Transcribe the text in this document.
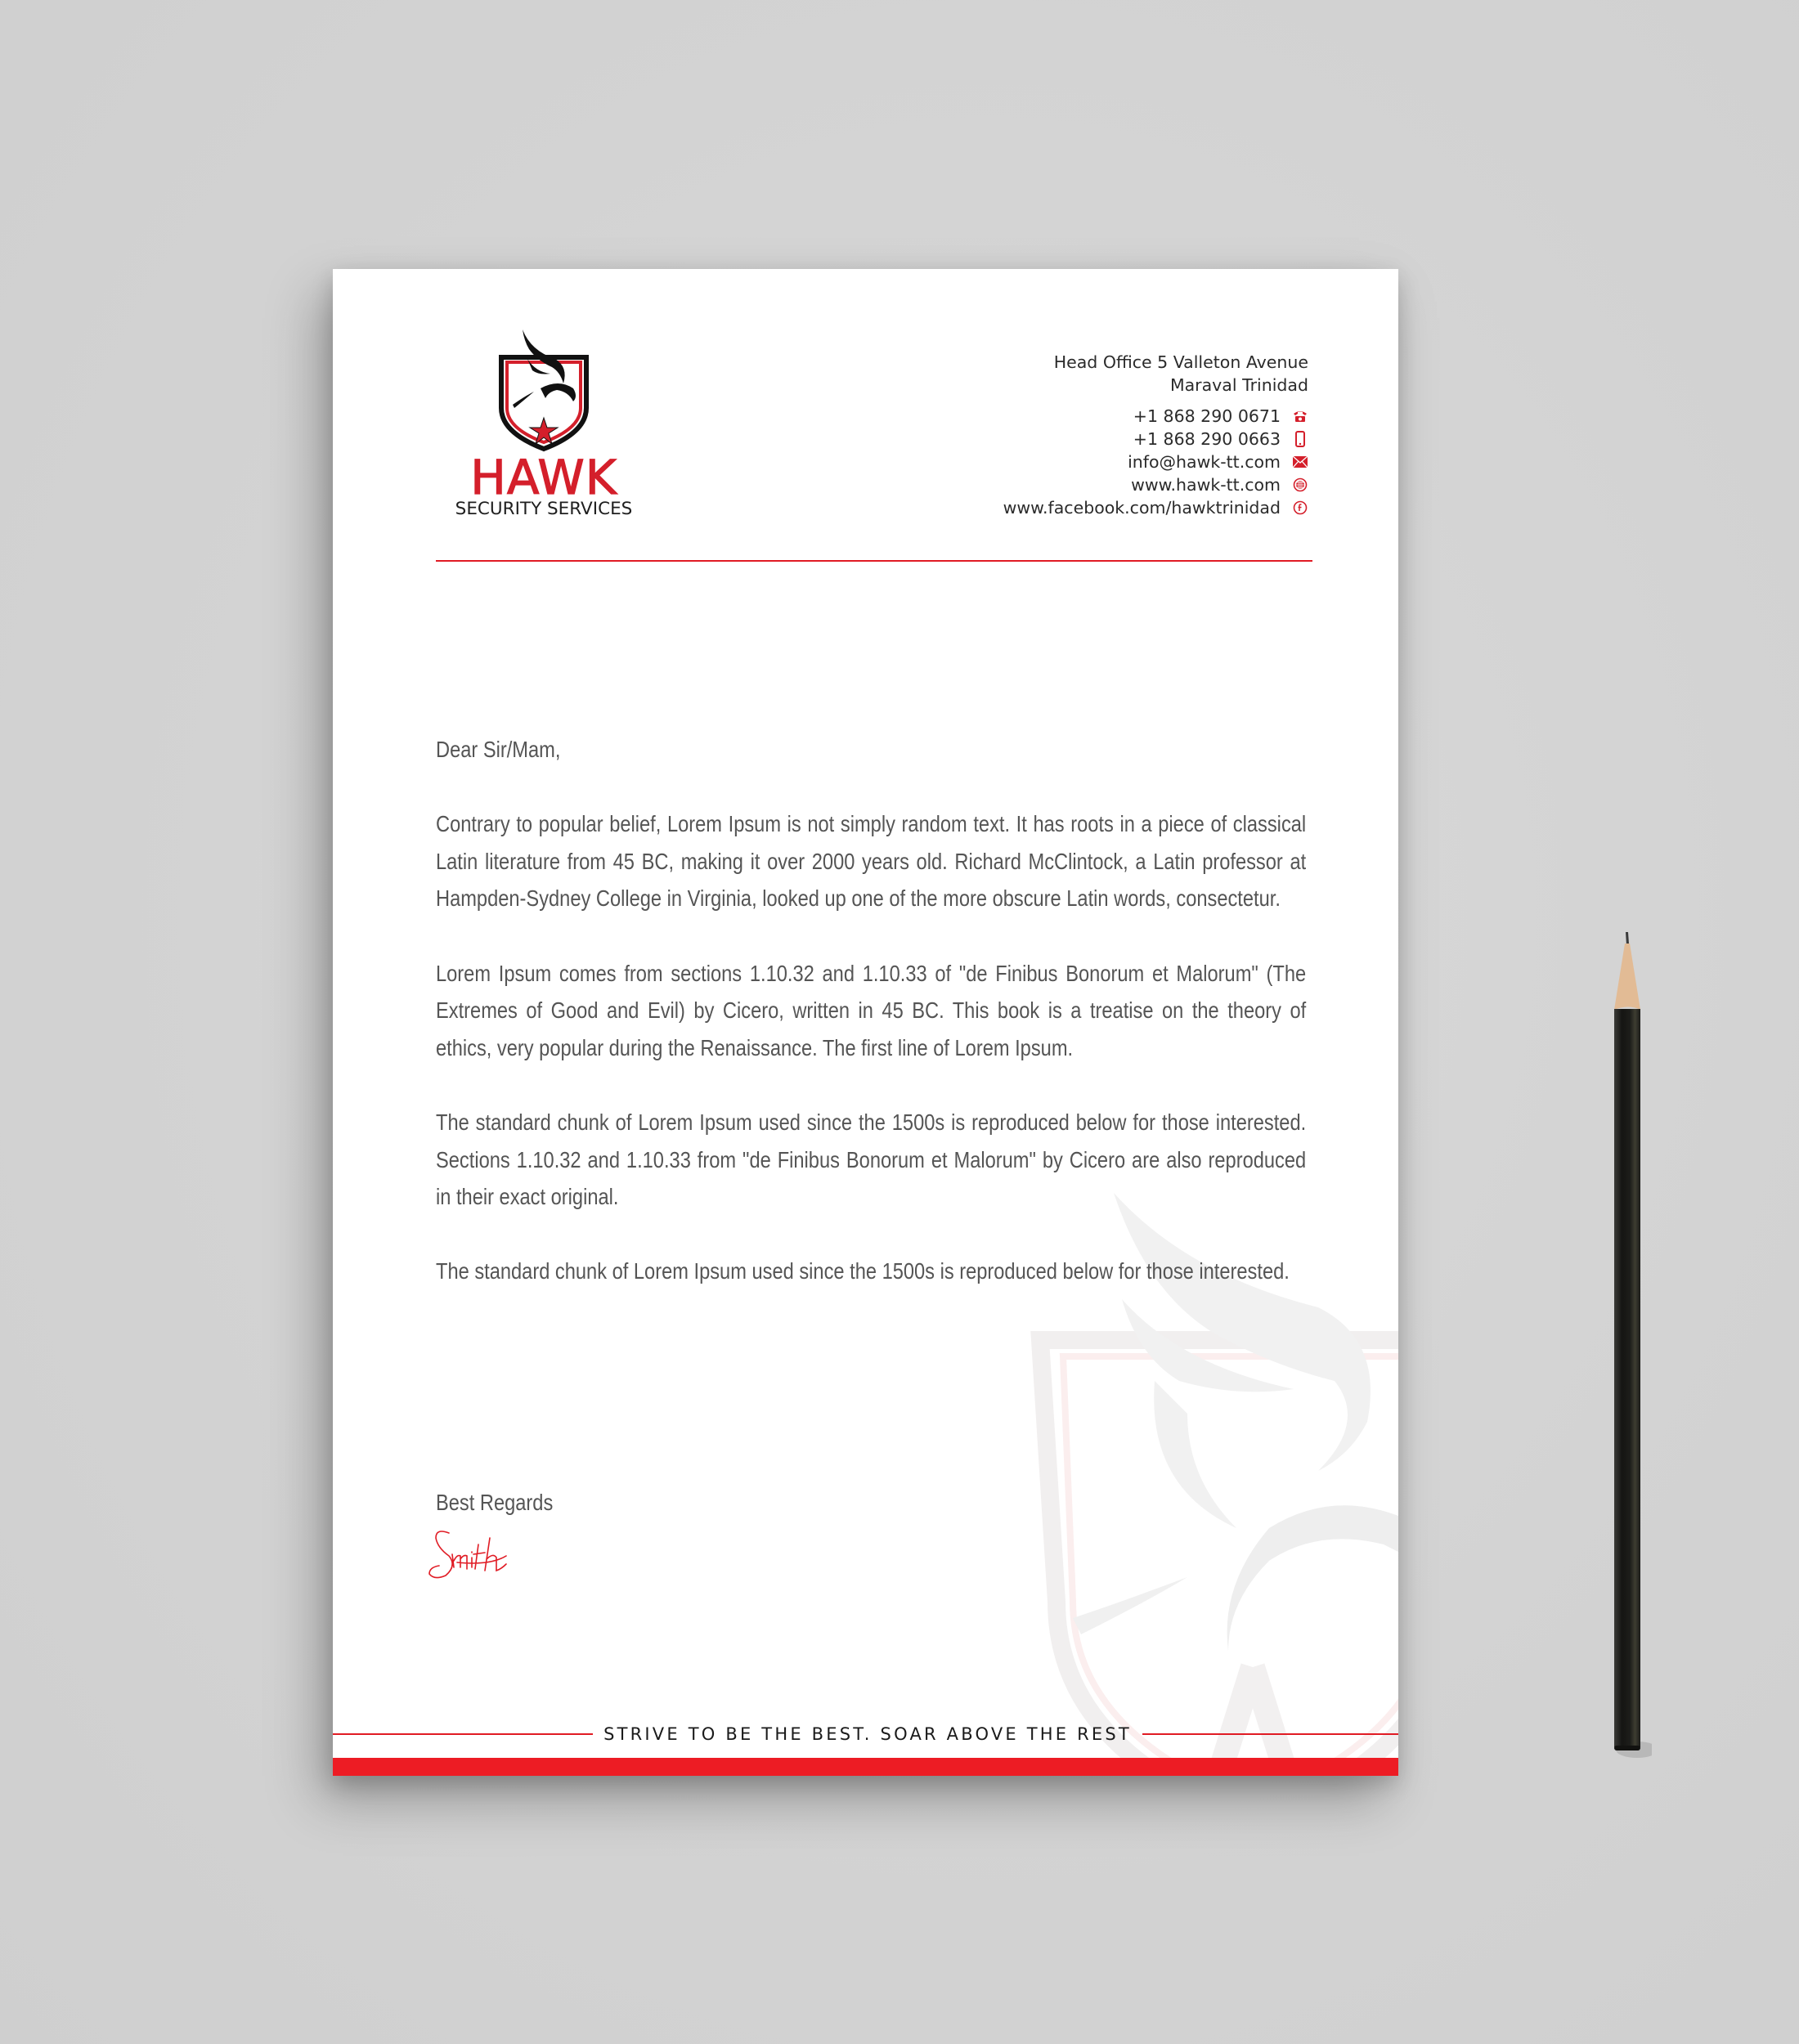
HAWK
SECURITY SERVICES
Head Office 5 Valleton Avenue
Maraval Trinidad
+1 868 290 0671
+1 868 290 0663
info@hawk-tt.com
www.hawk-tt.com
www.facebook.com/hawktrinidad

Dear Sir/Mam,

Contrary to popular belief, Lorem Ipsum is not simply random text. It has roots in a piece of classical Latin literature from 45 BC, making it over 2000 years old. Richard McClintock, a Latin professor at Hampden-Sydney College in Virginia, looked up one of the more obscure Latin words, consectetur.

Lorem Ipsum comes from sections 1.10.32 and 1.10.33 of "de Finibus Bonorum et Malorum" (The Extremes of Good and Evil) by Cicero, written in 45 BC. This book is a treatise on the theory of ethics, very popular during the Renaissance. The first line of Lorem Ipsum.

The standard chunk of Lorem Ipsum used since the 1500s is reproduced below for those interested. Sections 1.10.32 and 1.10.33 from "de Finibus Bonorum et Malorum" by Cicero are also reproduced in their exact original.

The standard chunk of Lorem Ipsum used since the 1500s is reproduced below for those interested.

Best Regards
STRIVE TO BE THE BEST. SOAR ABOVE THE REST
